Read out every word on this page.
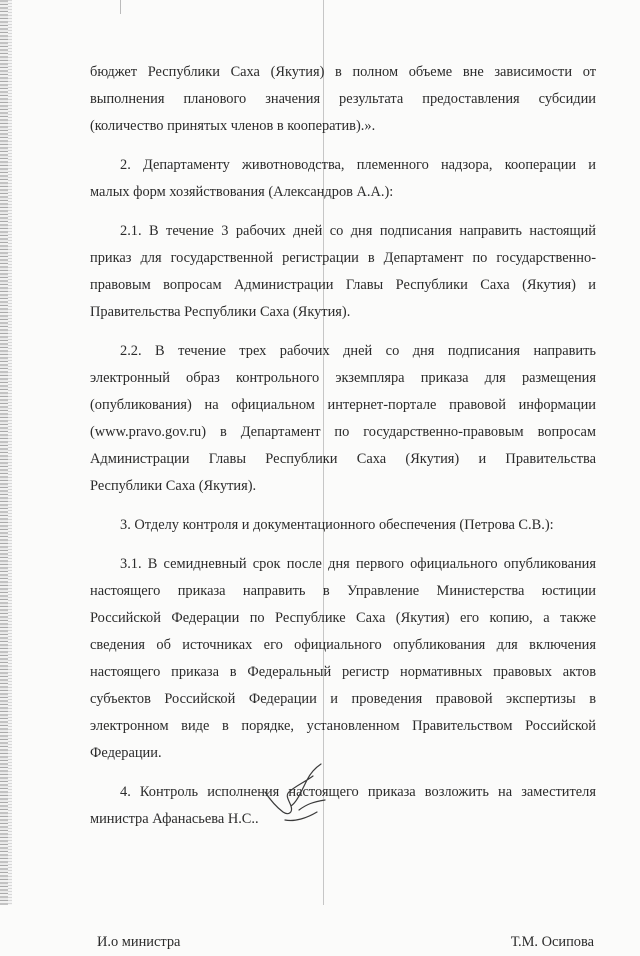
бюджет Республики Саха (Якутия) в полном объеме вне зависимости от
выполнения планового значения результата предоставления субсидии
(количество принятых членов в кооператив).».
2. Департаменту животноводства, племенного надзора, кооперации и
малых форм хозяйствования (Александров А.А.):
2.1. В течение 3 рабочих дней со дня подписания направить настоящий
приказ для государственной регистрации в Департамент по государственно-
правовым вопросам Администрации Главы Республики Саха (Якутия) и
Правительства Республики Саха (Якутия).
2.2. В течение трех рабочих дней со дня подписания направить
электронный образ контрольного экземпляра приказа для размещения
(опубликования) на официальном интернет-портале правовой информации
(www.pravo.gov.ru) в Департамент по государственно-правовым вопросам
Администрации Главы Республики Саха (Якутия) и Правительства
Республики Саха (Якутия).
3. Отделу контроля и документационного обеспечения (Петрова С.В.):
3.1. В семидневный срок после дня первого официального опубликования
настоящего приказа направить в Управление Министерства юстиции
Российской Федерации по Республике Саха (Якутия) его копию, а также
сведения об источниках его официального опубликования для включения
настоящего приказа в Федеральный регистр нормативных правовых актов
субъектов Российской Федерации и проведения правовой экспертизы в
электронном виде в порядке, установленном Правительством Российской
Федерации.
4. Контроль исполнения настоящего приказа возложить на заместителя
министра Афанасьева Н.С..
И.о министра	Т.М. Осипова
